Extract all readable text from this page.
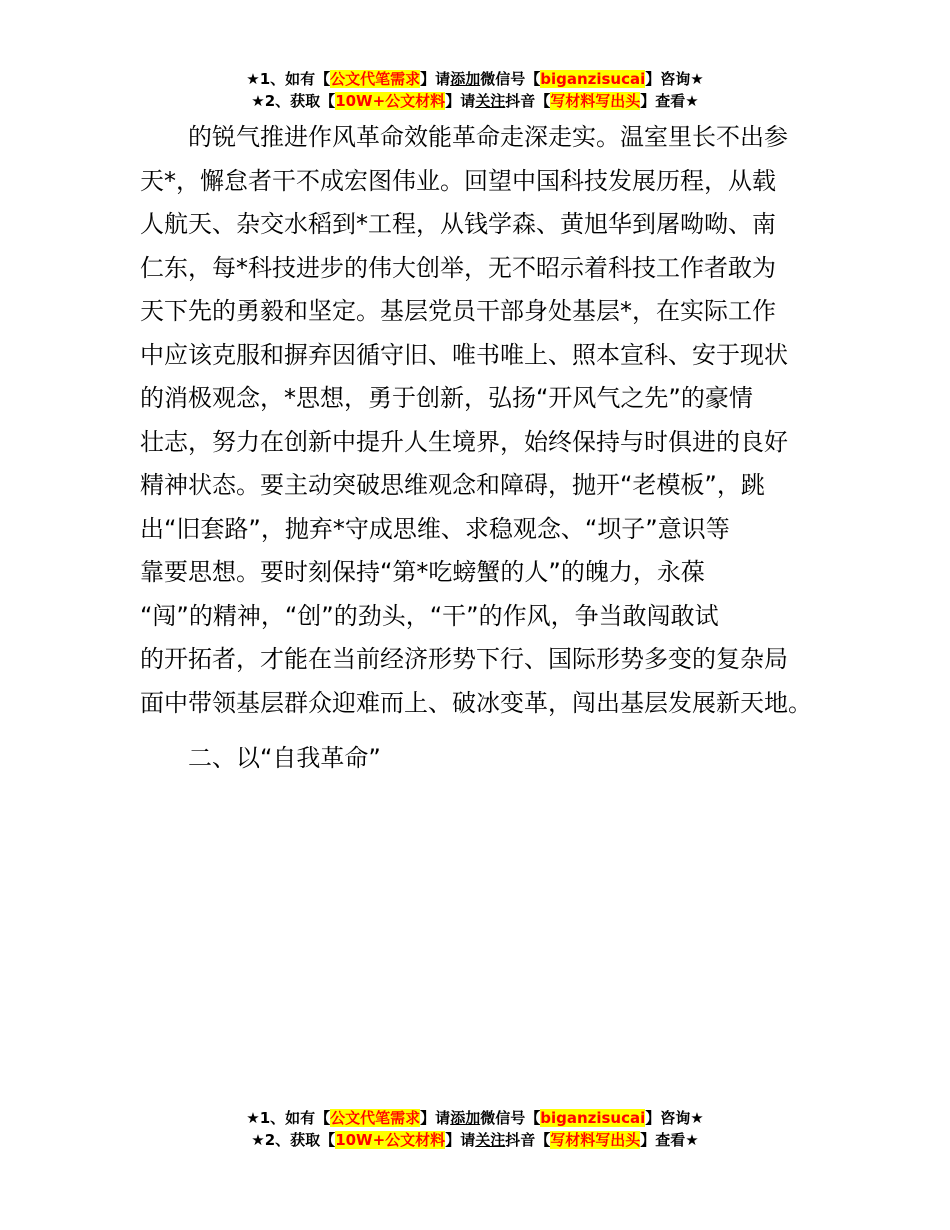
★1、如有【公文代笔需求】请添加微信号【biganzisucai】咨询★
★2、获取【10W+公文材料】请关注抖音【写材料写出头】查看★
的锐气推进作风革命效能革命走深走实。温室里长不出参
天*，懈怠者干不成宏图伟业。回望中国科技发展历程，从载
人航天、杂交水稻到*工程，从钱学森、黄旭华到屠呦呦、南
仁东，每*科技进步的伟大创举，无不昭示着科技工作者敢为
天下先的勇毅和坚定。基层党员干部身处基层*，在实际工作
中应该克服和摒弃因循守旧、唯书唯上、照本宣科、安于现状
的消极观念，*思想，勇于创新，弘扬“开风气之先”的豪情
壮志，努力在创新中提升人生境界，始终保持与时俱进的良好
精神状态。要主动突破思维观念和障碍，抛开“老模板”，跳
出“旧套路”，抛弃*守成思维、求稳观念、“坝子”意识等
靠要思想。要时刻保持“第*吃螃蟹的人”的魄力，永葆
“闯”的精神，“创”的劲头，“干”的作风，争当敢闯敢试
的开拓者，才能在当前经济形势下行、国际形势多变的复杂局
面中带领基层群众迎难而上、破冰变革，闯出基层发展新天地。
二、以“自我革命”
★1、如有【公文代笔需求】请添加微信号【biganzisucai】咨询★
★2、获取【10W+公文材料】请关注抖音【写材料写出头】查看★
